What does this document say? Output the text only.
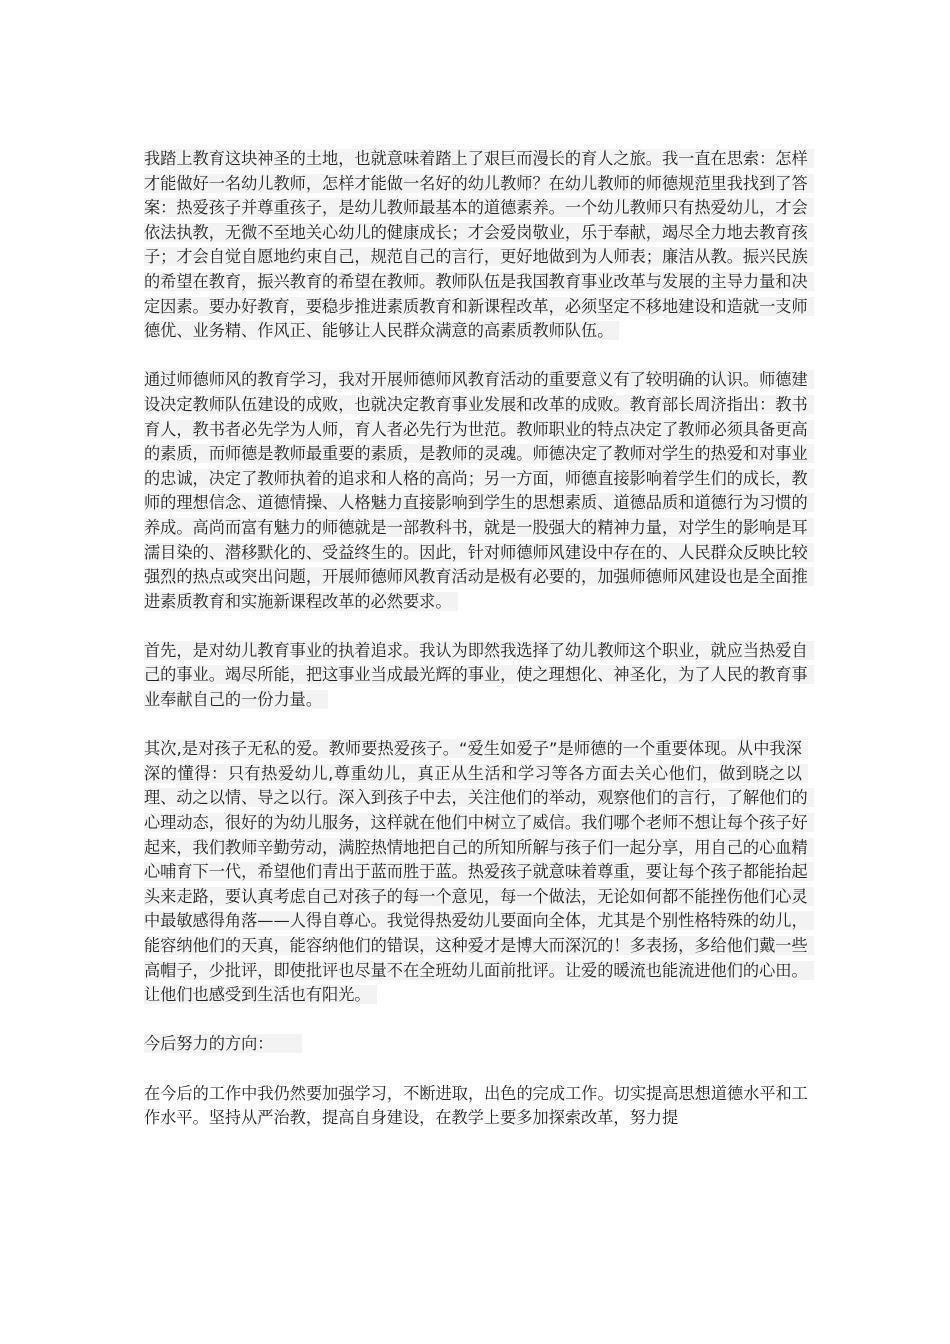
我踏上教育这块神圣的土地，也就意味着踏上了艰巨而漫长的育人之旅。我一直在思索：怎样才能做好一名幼儿教师，怎样才能做一名好的幼儿教师？在幼儿教师的师德规范里我找到了答案：热爱孩子并尊重孩子，是幼儿教师最基本的道德素养。一个幼儿教师只有热爱幼儿，才会依法执教，无微不至地关心幼儿的健康成长；才会爱岗敬业，乐于奉献，竭尽全力地去教育孩子；才会自觉自愿地约束自己，规范自己的言行，更好地做到为人师表；廉洁从教。振兴民族的希望在教育，振兴教育的希望在教师。教师队伍是我国教育事业改革与发展的主导力量和决定因素。要办好教育，要稳步推进素质教育和新课程改革，必须坚定不移地建设和造就一支师德优、业务精、作风正、能够让人民群众满意的高素质教师队伍。

通过师德师风的教育学习，我对开展师德师风教育活动的重要意义有了较明确的认识。师德建设决定教师队伍建设的成败，也就决定教育事业发展和改革的成败。教育部长周济指出：教书育人，教书者必先学为人师，育人者必先行为世范。教师职业的特点决定了教师必须具备更高的素质，而师德是教师最重要的素质，是教师的灵魂。师德决定了教师对学生的热爱和对事业的忠诚，决定了教师执着的追求和人格的高尚；另一方面，师德直接影响着学生们的成长，教师的理想信念、道德情操、人格魅力直接影响到学生的思想素质、道德品质和道德行为习惯的养成。高尚而富有魅力的师德就是一部教科书，就是一股强大的精神力量，对学生的影响是耳濡目染的、潜移默化的、受益终生的。因此，针对师德师风建设中存在的、人民群众反映比较强烈的热点或突出问题，开展师德师风教育活动是极有必要的，加强师德师风建设也是全面推进素质教育和实施新课程改革的必然要求。

首先，是对幼儿教育事业的执着追求。我认为即然我选择了幼儿教师这个职业，就应当热爱自己的事业。竭尽所能，把这事业当成最光辉的事业，使之理想化、神圣化，为了人民的教育事业奉献自己的一份力量。

其次,是对孩子无私的爱。教师要热爱孩子。“爱生如爱子”是师德的一个重要体现。从中我深深的懂得：只有热爱幼儿,尊重幼儿，真正从生活和学习等各方面去关心他们，做到晓之以理、动之以情、导之以行。深入到孩子中去，关注他们的举动，观察他们的言行，了解他们的心理动态，很好的为幼儿服务，这样就在他们中树立了威信。我们哪个老师不想让每个孩子好起来，我们教师辛勤劳动，满腔热情地把自己的所知所解与孩子们一起分享，用自己的心血精心哺育下一代，希望他们青出于蓝而胜于蓝。热爱孩子就意味着尊重，要让每个孩子都能抬起头来走路，要认真考虑自己对孩子的每一个意见，每一个做法，无论如何都不能挫伤他们心灵中最敏感得角落——人得自尊心。我觉得热爱幼儿要面向全体，尤其是个别性格特殊的幼儿，能容纳他们的天真，能容纳他们的错误，这种爱才是博大而深沉的！多表扬，多给他们戴一些高帽子，少批评，即使批评也尽量不在全班幼儿面前批评。让爱的暖流也能流进他们的心田。让他们也感受到生活也有阳光。

今后努力的方向：

在今后的工作中我仍然要加强学习，不断进取，出色的完成工作。切实提高思想道德水平和工作水平。坚持从严治教，提高自身建设，在教学上要多加探索改革，努力提
